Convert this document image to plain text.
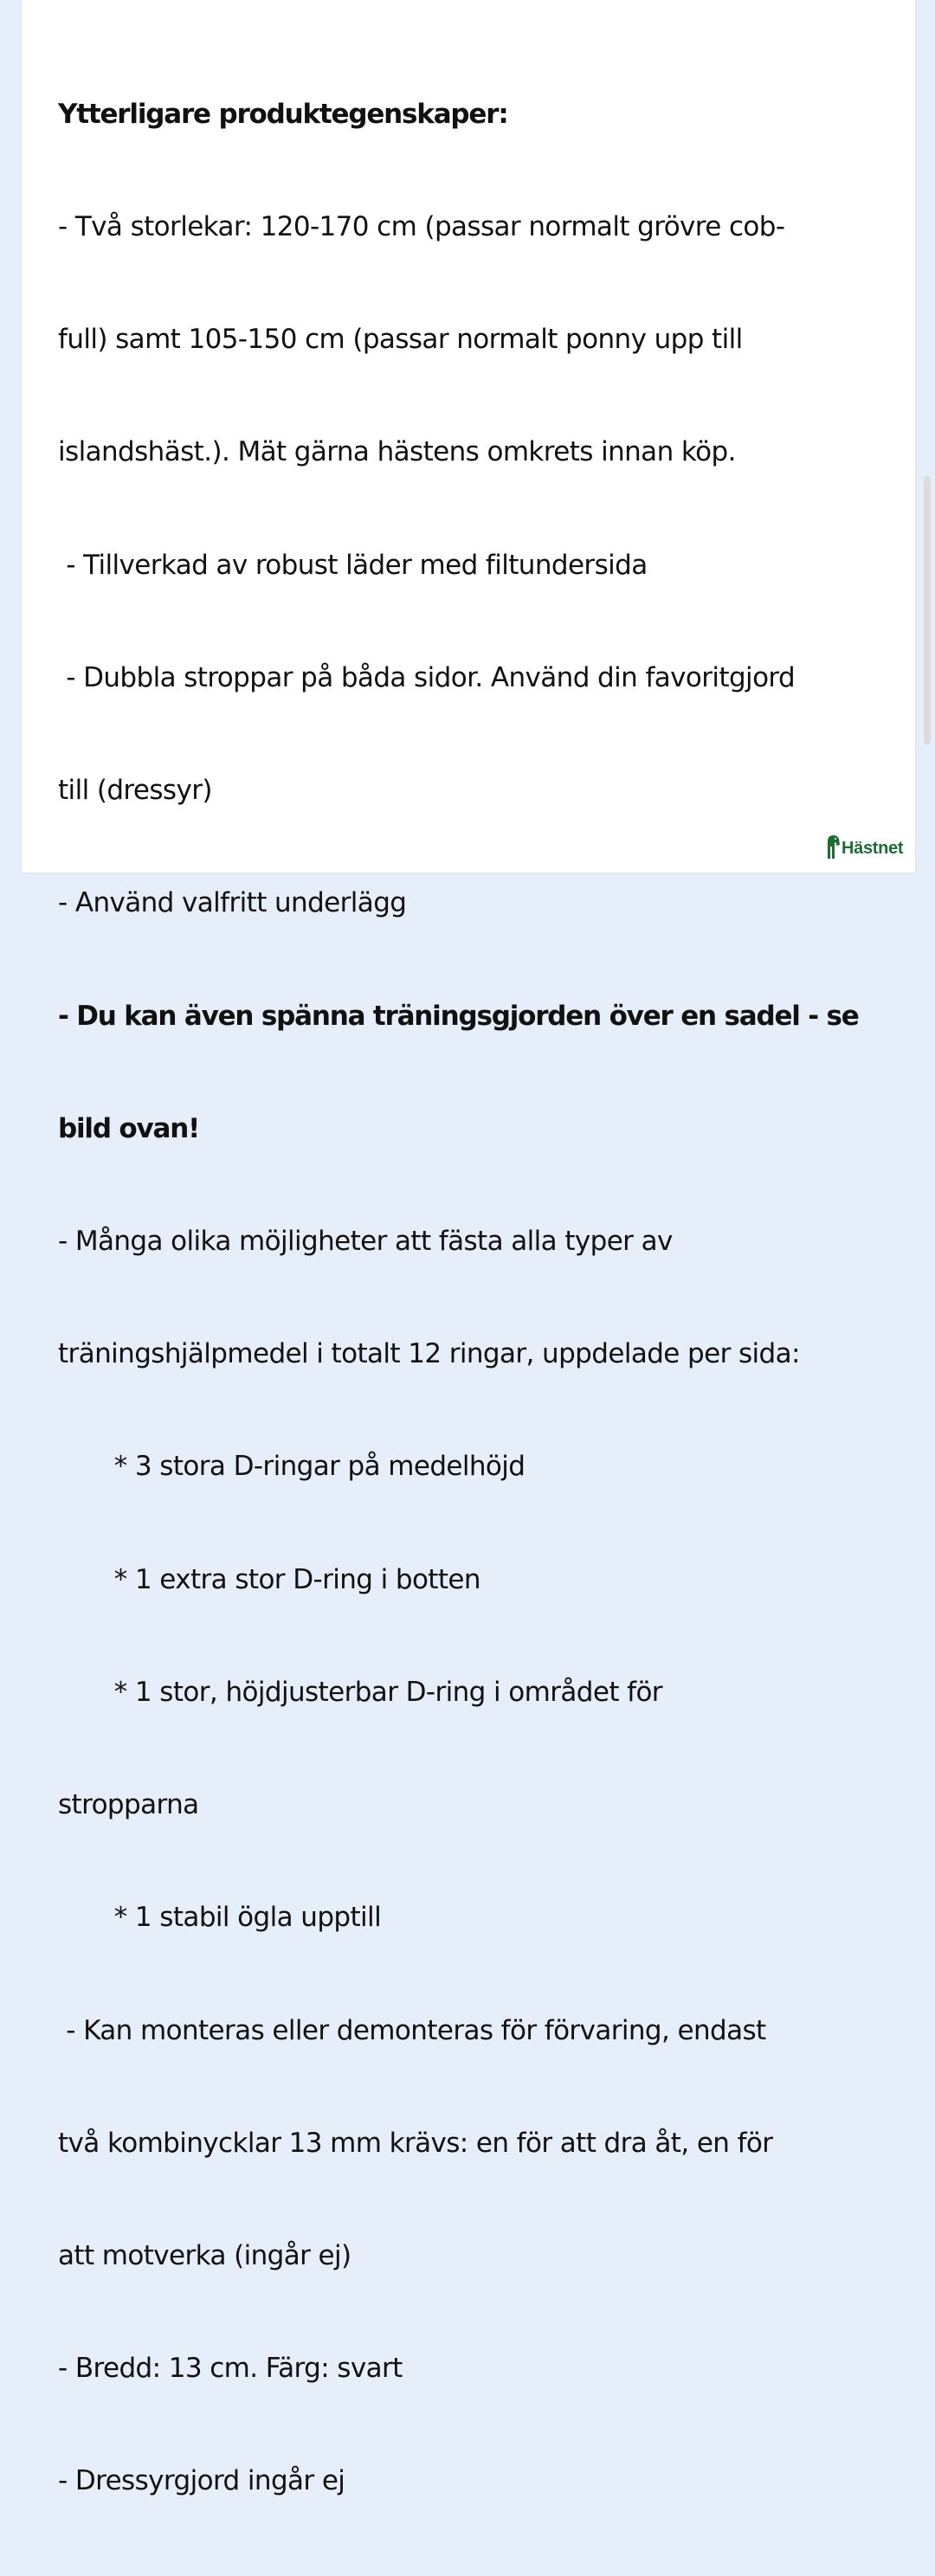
Ytterligare produktegenskaper:

- Två storlekar: 120-170 cm (passar normalt grövre cob-

full) samt 105-150 cm (passar normalt ponny upp till

islandshäst.). Mät gärna hästens omkrets innan köp.

- Tillverkad av robust läder med filtundersida

- Dubbla stroppar på båda sidor. Använd din favoritgjord

till (dressyr)

- Använd valfritt underlägg

- Du kan även spänna träningsgjorden över en sadel - se

bild ovan!

- Många olika möjligheter att fästa alla typer av

träningshjälpmedel i totalt 12 ringar, uppdelade per sida:

* 3 stora D-ringar på medelhöjd

* 1 extra stor D-ring i botten

* 1 stor, höjdjusterbar D-ring i området för

stropparna

* 1 stabil ögla upptill

- Kan monteras eller demonteras för förvaring, endast

två kombinycklar 13 mm krävs: en för att dra åt, en för

att motverka (ingår ej)

- Bredd: 13 cm. Färg: svart

- Dressyrgjord ingår ej

Hästnet
